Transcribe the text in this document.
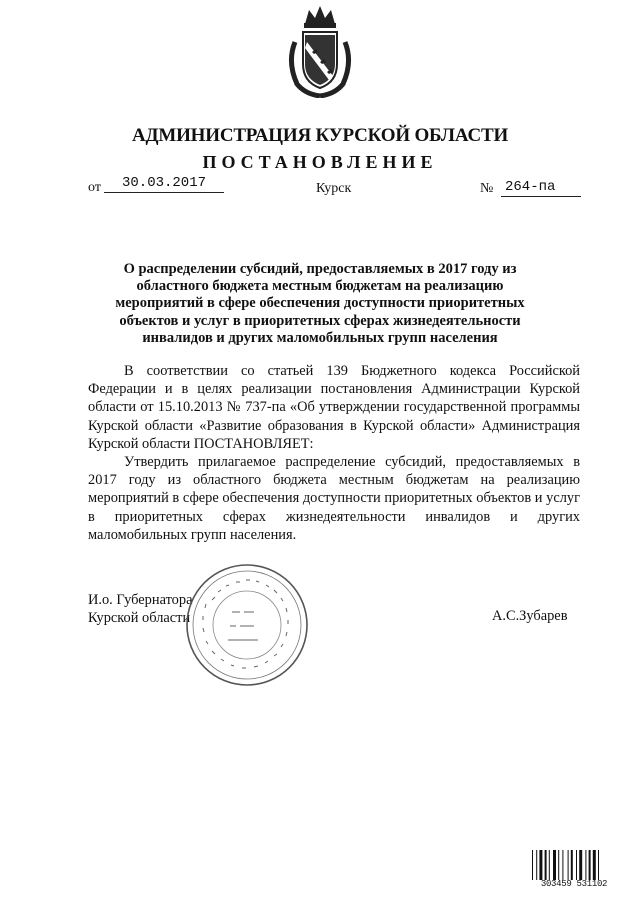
АДМИНИСТРАЦИЯ КУРСКОЙ ОБЛАСТИ
ПОСТАНОВЛЕНИЕ
от	30.03.2017	Курск	№ 264-па
О распределении субсидий, предоставляемых в 2017 году из
областного бюджета местным бюджетам на реализацию
мероприятий в сфере обеспечения доступности приоритетных
объектов и услуг в приоритетных сферах жизнедеятельности
инвалидов и других маломобильных групп населения

В соответствии со статьей 139 Бюджетного кодекса Российской Федерации и в целях реализации постановления Администрации Курской области от 15.10.2013 № 737-па «Об утверждении государственной программы Курской области «Развитие образования в Курской области» Администрация Курской области ПОСТАНОВЛЯЕТ:

Утвердить прилагаемое распределение субсидий, предоставляемых в 2017 году из областного бюджета местным бюджетам на реализацию мероприятий в сфере обеспечения доступности приоритетных объектов и услуг в приоритетных сферах жизнедеятельности инвалидов и других маломобильных групп населения.

И.о. Губернатора
Курской области	А.С.Зубарев
303459 531102
